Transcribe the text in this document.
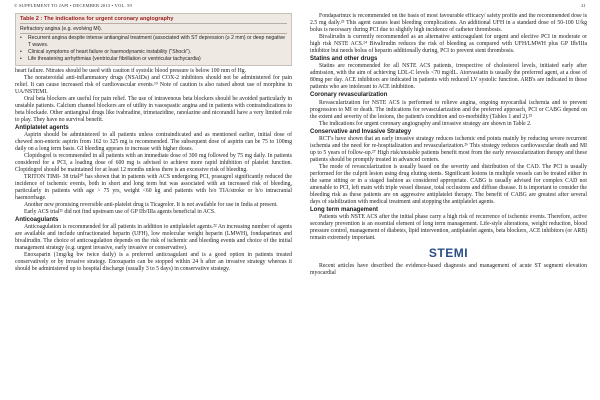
© SUPPLEMENT TO JAPI • DECEMBER 2013 • VOL. 59	21
Table 2 : The indications for urgent coronary angiography
Refractory angina (e.g. evolving MI).
•	Recurrent angina despite intense antianginal treatment (associated with ST depression (≥ 2 mm) or deep negative T waves.
•	Clinical symptoms of heart failure or haemodynamic instability ("Shock").
•	Life threatening arrhythmias (ventricular fibrillation or ventricular tachycardia)

heart failure. Nitrates should be used with caution if systolic blood pressure is below 100 mm of Hg.

The nonsteroidal anti-inflammatory drugs (NSAIDs) and COX-2 inhibitors should not be administered for pain relief. It can cause increased risk of cardiovascular events.¹⁹ Note of caution is also raised about use of morphine in UA/NSTEMI.

Oral beta blockers are useful for pain relief. The use of intravenous beta blockers should be avoided particularly in unstable patients. Calcium channel blockers are of utility in vasospastic angina and in patients with contraindications to beta blockade. Other antianginal drugs like ivabradine, trimetazidine, ranolazine and nicorandil have a very limited role to play. They have no survival benefit.

Antiplatelet agents

Aspirin should be administered to all patients unless contraindicated and as mentioned earlier, initial dose of chewed non-enteric aspirin from 162 to 325 mg is recommended. The subsequent dose of aspirin can be 75 to 100mg daily on a long term basis. GI bleeding appears to increase with higher doses.

Clopidogrel is recommended in all patients with an immediate dose of 300 mg followed by 75 mg daily. In patients considered for a PCI, a loading dose of 600 mg is advised to achieve more rapid inhibition of platelet function. Clopidogrel should be maintained for at least 12 months unless there is an excessive risk of bleeding.

TRITON TIMI- 38 trial²⁰ has shown that in patients with ACS undergoing PCI, prasugrel significantly reduced the incidence of ischemic events, both in short and long term but was associated with an increased risk of bleeding, particularly in patients with age > 75 yrs, weight <60 kg and patients with h/o TIA/stroke or h/o intracranial haemorrhage.

Another new promising reversible anti-platelet drug is Ticagrelor. It is not available for use in India at present.

Early ACS trial²¹ did not find upstream use of GP IIb/IIIa agents beneficial in ACS.

Anticoagulants

Anticoagulation is recommended for all patients in addition to antiplatelet agents.²² An increasing number of agents are available and include unfractionated heparin (UFH), low molecular weight heparin (LMWH), fondaparinux and bivalirudin. The choice of anticoagulation depends on the risk of ischemic and bleeding events and choice of the initial management strategy (e.g. urgent invasive, early invasive or conservative).

Enoxaparin (1mg/kg bw twice daily) is a preferred anticoagulant and is a good option in patients treated conservatively or by invasive strategy. Enoxaparin can be stopped within 24 h after an invasive strategy whereas it should be administered up to hospital discharge (usually 3 to 5 days) in conservative strategy.

Fondaparinux is recommended on the basis of most favourable efficacy/ safety profile and the recommended dose is 2.5 mg daily.²³ This agent causes least bleeding complications. An additional UFH in a standard dose of 50-100 U/kg bolus is necessary during PCI due to slightly high incidence of catheter thrombosis.

Bivalirudin is currently recommended as an alternative anticoagulant for urgent and elective PCI in moderate or high risk NSTE ACS.²⁴ Bivalirudin reduces the risk of bleeding as compared with UFH/LMWH plus GP IIb/IIIa inhibitor but needs bolus of heparin additionally during, PCI to prevent stent thrombosis.

Statins and other drugs

Statins are recommended for all NSTE ACS patients, irrespective of cholesterol levels, initiated early after admission, with the aim of achieving LDL-C levels <70 mg/dL. Atorvastatin is usually the preferred agent, at a dose of 80mg per day. ACE inhibitors are indicated in patients with reduced LV systolic function. ARB's are indicated in those patients who are intolerant to ACE inhibition.

Coronary revascularization

Revascularization for NSTE ACS is performed to relieve angina, ongoing myocardial ischemia and to prevent progression to MI or death. The indications for revascularization and the preferred approach, PCI or CABG depend on the extent and severity of the lesions, the patient's condition and co-morbidity (Tables 1 and 2).²⁵

The indications for urgent coronary angiography and invasive strategy are shown in Table 2.

Conservative and Invasive Strategy

RCT's have shown that an early invasive strategy reduces ischemic end points mainly by reducing severe recurrent ischemia and the need for re-hospitalization and revascularization.²⁶ This strategy reduces cardiovascular death and MI up to 5 years of follow-up.²⁷ High risk/unstable patients benefit most from the early revascularization therapy and these patients should be promptly treated in advanced centers.

The mode of revascularization is usually based on the severity and distribution of the CAD. The PCI is usually performed for the culprit lesion using drug eluting stents. Significant lesions in multiple vessels can be treated either in the same sitting or in a staged fashion as considered appropriate. CABG is usually advised for complex CAD not amenable to PCI, left main with triple vessel disease, total occlusions and diffuse disease. It is important to consider the bleeding risk as these patients are on aggressive antiplatelet therapy. The benefit of CABG are greatest after several days of stabilization with medical treatment and stopping the antiplatelet agents.

Long term management

Patients with NSTE ACS after the initial phase carry a high risk of recurrence of ischemic events. Therefore, active secondary prevention is an essential element of long term management. Life-style alterations, weight reduction, blood pressure control, management of diabetes, lipid intervention, antiplatelet agents, beta blockers, ACE inhibitors (or ARB) remain extremely important.

STEMI

Recent articles have described the evidence-based diagnosis and management of acute ST segment elevation myocardial
